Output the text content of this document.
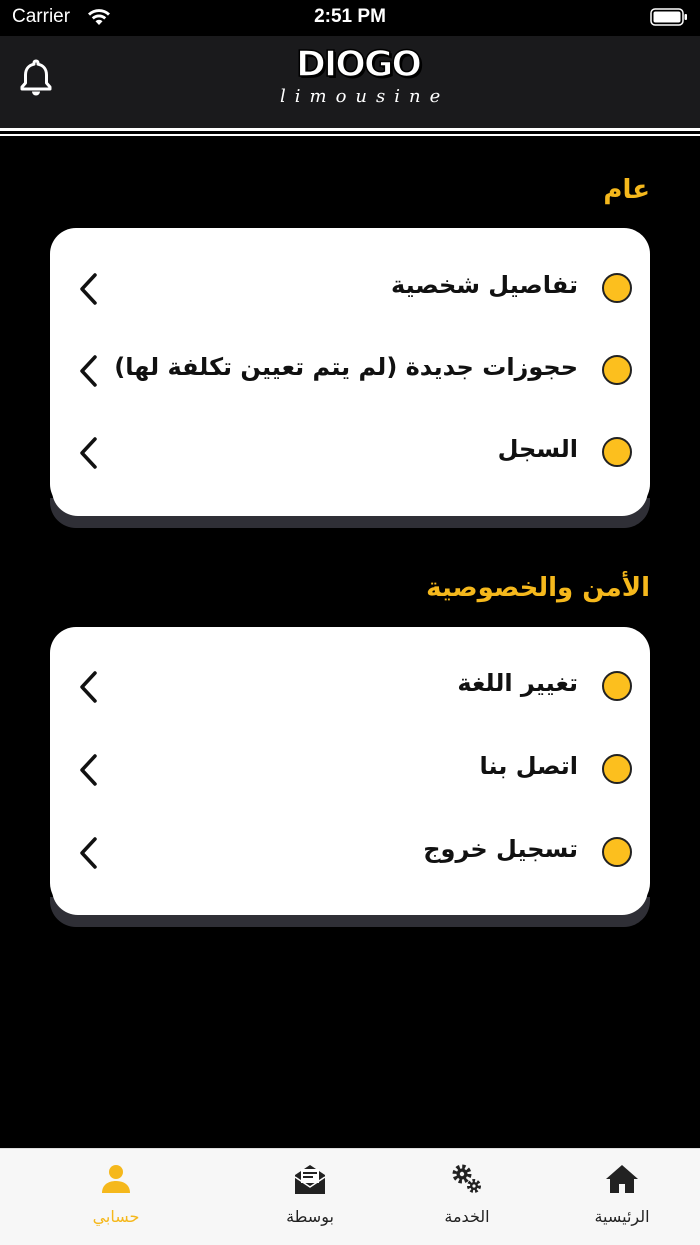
Carrier	2:51 PM
DIOGO
limousine
عام
تفاصيل شخصية
حجوزات جديدة (لم يتم تعيين تكلفة لها)
السجل
الأمن والخصوصية
تغيير اللغة
اتصل بنا
تسجيل خروج
حسابي	بوسطة	الخدمة	الرئيسية
